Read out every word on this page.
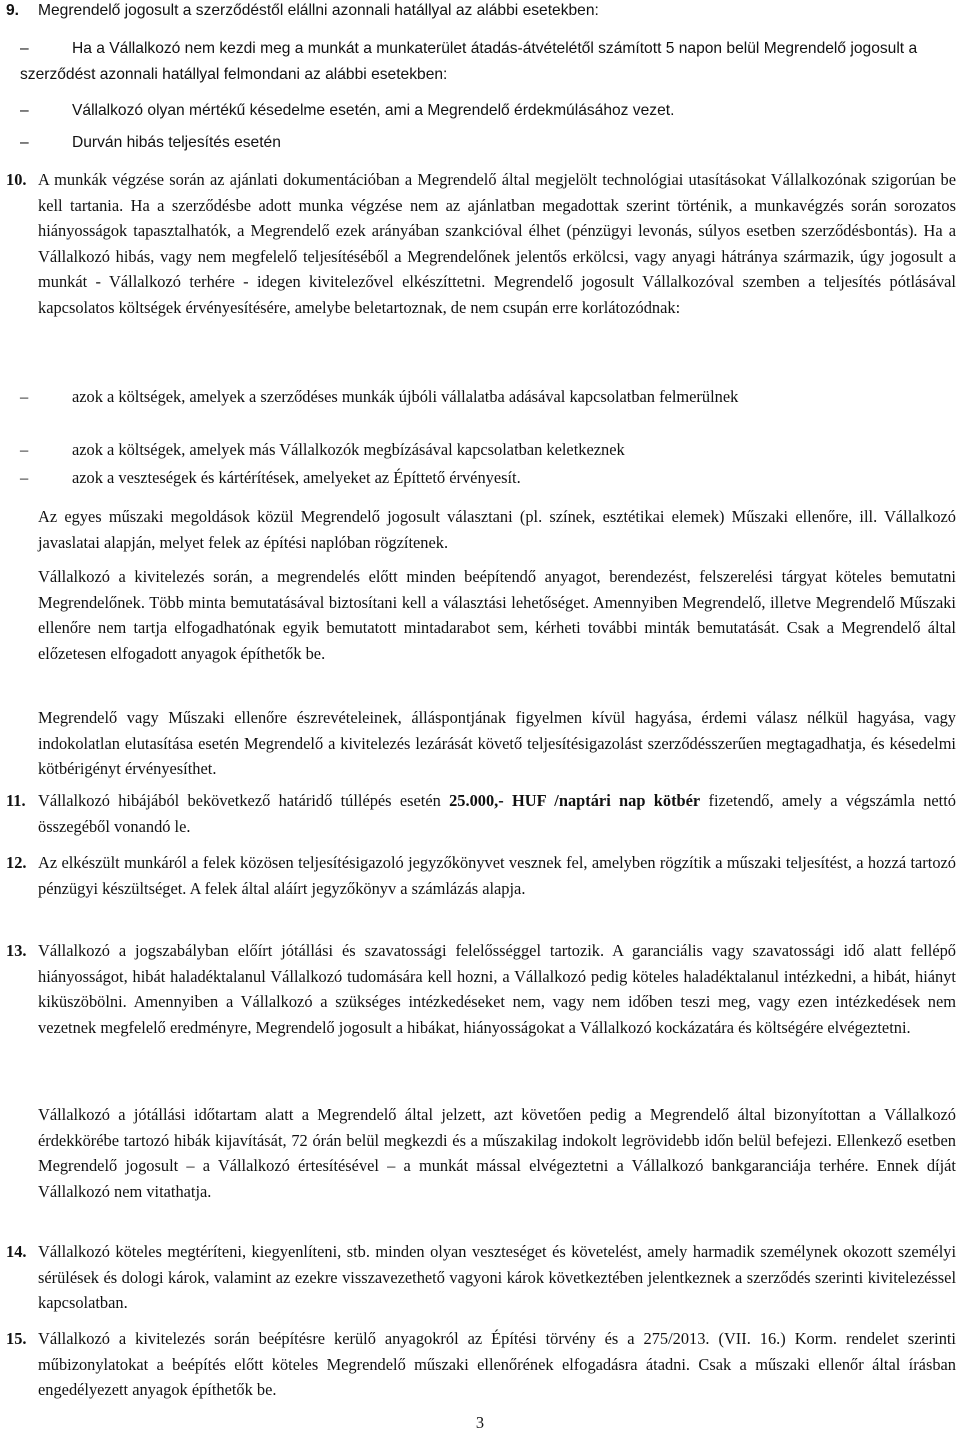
9.	Megrendelő jogosult a szerződéstől elállni azonnali hatállyal az alábbi esetekben:
–	Ha a Vállalkozó nem kezdi meg a munkát a munkaterület átadás-átvételétől számított 5 napon belül Megrendelő jogosult a szerződést azonnali hatállyal felmondani az alábbi esetekben:
–	Vállalkozó olyan mértékű késedelme esetén, ami a Megrendelő érdekmúlásához vezet.
–	Durván hibás teljesítés esetén
10. A munkák végzése során az ajánlati dokumentációban a Megrendelő által megjelölt technológiai utasításokat Vállalkozónak szigorúan be kell tartania. Ha a szerződésbe adott munka végzése nem az ajánlatban megadottak szerint történik, a munkavégzés során sorozatos hiányosságok tapasztalhatók, a Megrendelő ezek arányában szankcióval élhet (pénzügyi levonás, súlyos esetben szerződésbontás). Ha a Vállalkozó hibás, vagy nem megfelelő teljesítéséből a Megrendelőnek jelentős erkölcsi, vagy anyagi hátránya származik, úgy jogosult a munkát - Vállalkozó terhére - idegen kivitelezővel elkészíttetni. Megrendelő jogosult Vállalkozóval szemben a teljesítés pótlásával kapcsolatos költségek érvényesítésére, amelybe beletartoznak, de nem csupán erre korlátozódnak:
–	azok a költségek, amelyek a szerződéses munkák újbóli vállalatba adásával kapcsolatban felmerülnek
–	azok a költségek, amelyek más Vállalkozók megbízásával kapcsolatban keletkeznek
–	azok a veszteségek és kártérítések, amelyeket az Építtető érvényesít.
Az egyes műszaki megoldások közül Megrendelő jogosult választani (pl. színek, esztétikai elemek) Műszaki ellenőre, ill. Vállalkozó javaslatai alapján, melyet felek az építési naplóban rögzítenek.
Vállalkozó a kivitelezés során, a megrendelés előtt minden beépítendő anyagot, berendezést, felszerelési tárgyat köteles bemutatni Megrendelőnek. Több minta bemutatásával biztosítani kell a választási lehetőséget. Amennyiben Megrendelő, illetve Megrendelő Műszaki ellenőre nem tartja elfogadhatónak egyik bemutatott mintadarabot sem, kérheti további minták bemutatását. Csak a Megrendelő által előzetesen elfogadott anyagok építhetők be.
Megrendelő vagy Műszaki ellenőre észrevételeinek, álláspontjának figyelmen kívül hagyása, érdemi válasz nélkül hagyása, vagy indokolatlan elutasítása esetén Megrendelő a kivitelezés lezárását követő teljesítésigazolást szerződésszerűen megtagadhatja, és késedelmi kötbérigényt érvényesíthet.
11. Vállalkozó hibájából bekövetkező határidő túllépés esetén 25.000,- HUF /naptári nap kötbér fizetendő, amely a végszámla nettó összegéből vonandó le.
12. Az elkészült munkáról a felek közösen teljesítésigazoló jegyzőkönyvet vesznek fel, amelyben rögzítik a műszaki teljesítést, a hozzá tartozó pénzügyi készültséget. A felek által aláírt jegyzőkönyv a számlázás alapja.
13. Vállalkozó a jogszabályban előírt jótállási és szavatossági felelősséggel tartozik. A garanciális vagy szavatossági idő alatt fellépő hiányosságot, hibát haladéktalanul Vállalkozó tudomására kell hozni, a Vállalkozó pedig köteles haladéktalanul intézkedni, a hibát, hiányt kiküszöbölni. Amennyiben a Vállalkozó a szükséges intézkedéseket nem, vagy nem időben teszi meg, vagy ezen intézkedések nem vezetnek megfelelő eredményre, Megrendelő jogosult a hibákat, hiányosságokat a Vállalkozó kockázatára és költségére elvégeztetni.
Vállalkozó a jótállási időtartam alatt a Megrendelő által jelzett, azt követően pedig a Megrendelő által bizonyítottan a Vállalkozó érdekkörébe tartozó hibák kijavítását, 72 órán belül megkezdi és a műszakilag indokolt legrövidebb időn belül befejezi. Ellenkező esetben Megrendelő jogosult – a Vállalkozó értesítésével – a munkát mással elvégeztetni a Vállalkozó bankgaranciája terhére. Ennek díját Vállalkozó nem vitathatja.
14. Vállalkozó köteles megtéríteni, kiegyenlíteni, stb. minden olyan veszteséget és követelést, amely harmadik személynek okozott személyi sérülések és dologi károk, valamint az ezekre visszavezethető vagyoni károk következtében jelentkeznek a szerződés szerinti kivitelezéssel kapcsolatban.
15. Vállalkozó a kivitelezés során beépítésre kerülő anyagokról az Építési törvény és a 275/2013. (VII. 16.) Korm. rendelet szerinti műbizonylatokat a beépítés előtt köteles Megrendelő műszaki ellenőrének elfogadásra átadni. Csak a műszaki ellenőr által írásban engedélyezett anyagok építhetők be.
3
